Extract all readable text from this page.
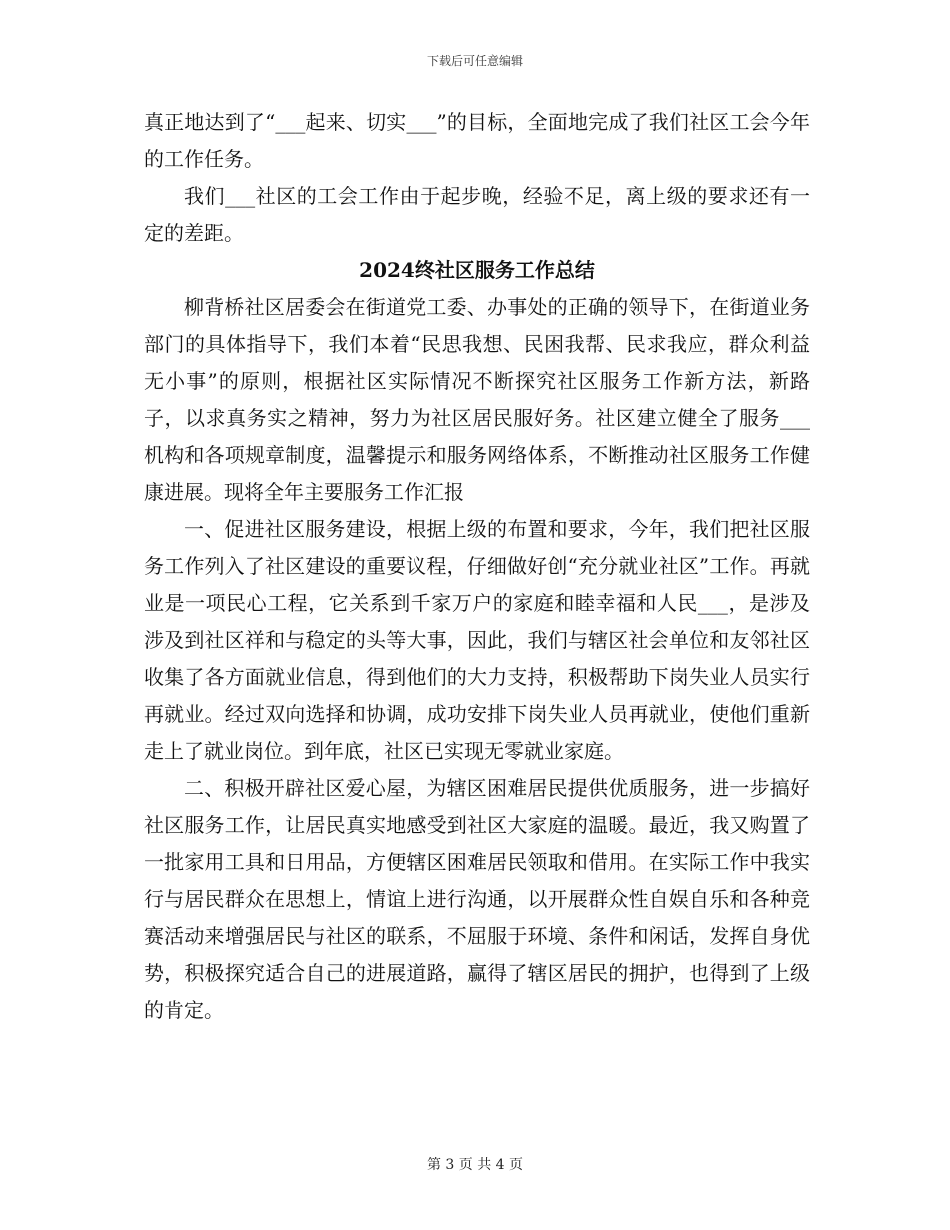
下载后可任意编辑

真正地达到了“___起来、切实___”的目标，全面地完成了我们社区工会今年的工作任务。

我们___社区的工会工作由于起步晚，经验不足，离上级的要求还有一定的差距。

2024终社区服务工作总结

柳背桥社区居委会在街道党工委、办事处的正确的领导下，在街道业务部门的具体指导下，我们本着“民思我想、民困我帮、民求我应，群众利益无小事”的原则，根据社区实际情况不断探究社区服务工作新方法，新路子，以求真务实之精神，努力为社区居民服好务。社区建立健全了服务___机构和各项规章制度，温馨提示和服务网络体系，不断推动社区服务工作健康进展。现将全年主要服务工作汇报

一、促进社区服务建设，根据上级的布置和要求，今年，我们把社区服务工作列入了社区建设的重要议程，仔细做好创“充分就业社区”工作。再就业是一项民心工程，它关系到千家万户的家庭和睦幸福和人民___，是涉及涉及到社区祥和与稳定的头等大事，因此，我们与辖区社会单位和友邻社区收集了各方面就业信息，得到他们的大力支持，积极帮助下岗失业人员实行再就业。经过双向选择和协调，成功安排下岗失业人员再就业，使他们重新走上了就业岗位。到年底，社区已实现无零就业家庭。

二、积极开辟社区爱心屋，为辖区困难居民提供优质服务，进一步搞好社区服务工作，让居民真实地感受到社区大家庭的温暖。最近，我又购置了一批家用工具和日用品，方便辖区困难居民领取和借用。在实际工作中我实行与居民群众在思想上，情谊上进行沟通，以开展群众性自娱自乐和各种竞赛活动来增强居民与社区的联系，不屈服于环境、条件和闲话，发挥自身优势，积极探究适合自己的进展道路，赢得了辖区居民的拥护，也得到了上级的肯定。

第 3 页 共 4 页
